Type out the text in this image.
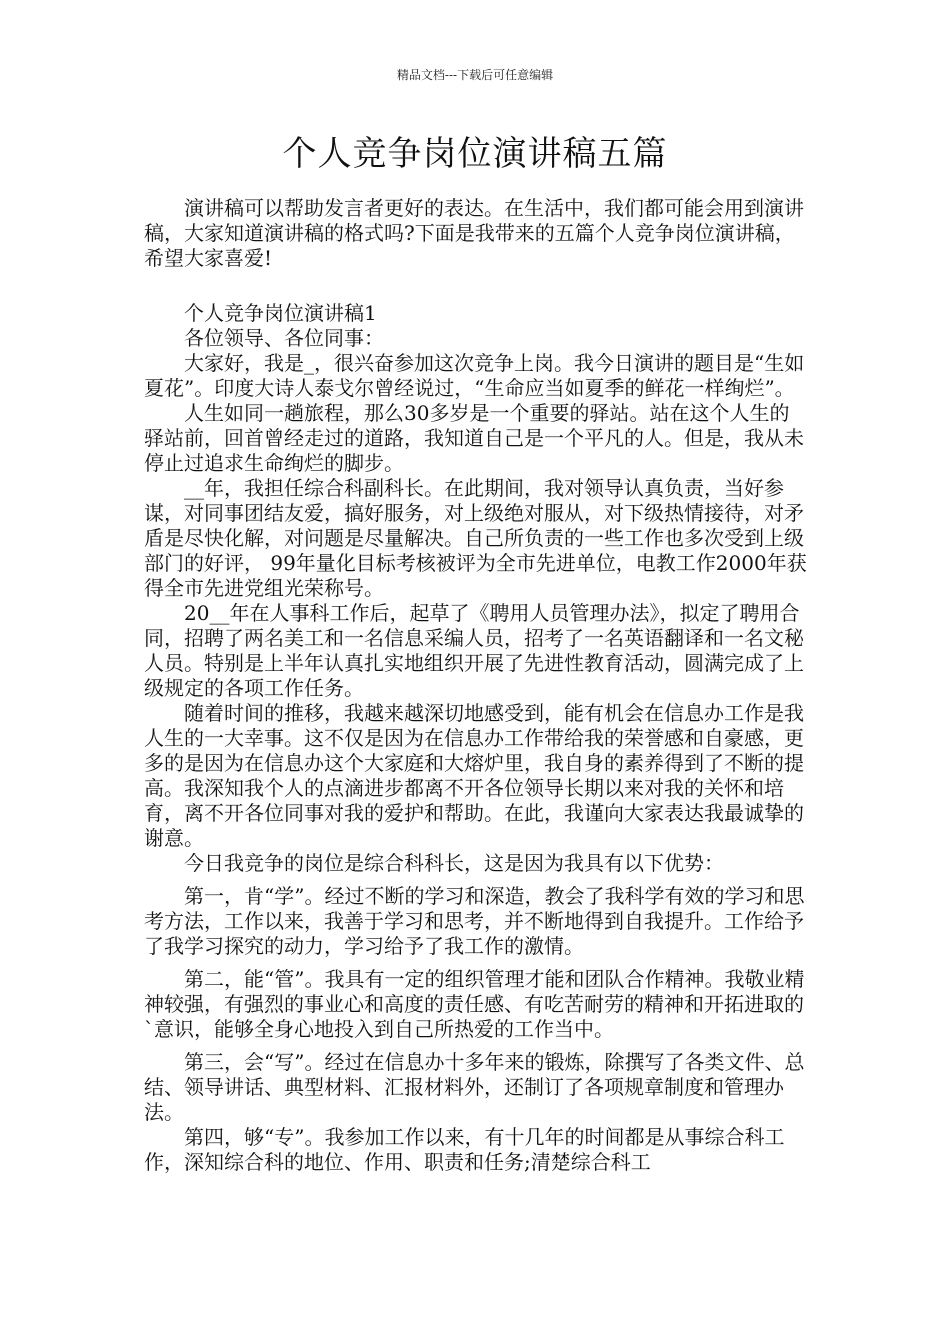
精品文档---下载后可任意编辑
个人竞争岗位演讲稿五篇

演讲稿可以帮助发言者更好的表达。在生活中，我们都可能会用到演讲稿，大家知道演讲稿的格式吗?下面是我带来的五篇个人竞争岗位演讲稿，希望大家喜爱!

个人竞争岗位演讲稿1

各位领导、各位同事：

大家好，我是_，很兴奋参加这次竞争上岗。我今日演讲的题目是“生如夏花”。印度大诗人泰戈尔曾经说过，“生命应当如夏季的鲜花一样绚烂”。

人生如同一趟旅程，那么30多岁是一个重要的驿站。站在这个人生的驿站前，回首曾经走过的道路，我知道自己是一个平凡的人。但是，我从未停止过追求生命绚烂的脚步。

__年，我担任综合科副科长。在此期间，我对领导认真负责，当好参谋，对同事团结友爱，搞好服务，对上级绝对服从，对下级热情接待，对矛盾是尽快化解，对问题是尽量解决。自己所负责的一些工作也多次受到上级部门的好评， 99年量化目标考核被评为全市先进单位，电教工作2000年获得全市先进党组光荣称号。

20__年在人事科工作后，起草了《聘用人员管理办法》，拟定了聘用合同，招聘了两名美工和一名信息采编人员，招考了一名英语翻译和一名文秘人员。特别是上半年认真扎实地组织开展了先进性教育活动，圆满完成了上级规定的各项工作任务。

随着时间的推移，我越来越深切地感受到，能有机会在信息办工作是我人生的一大幸事。这不仅是因为在信息办工作带给我的荣誉感和自豪感，更多的是因为在信息办这个大家庭和大熔炉里，我自身的素养得到了不断的提高。我深知我个人的点滴进步都离不开各位领导长期以来对我的关怀和培育，离不开各位同事对我的爱护和帮助。在此，我谨向大家表达我最诚挚的谢意。

今日我竞争的岗位是综合科科长，这是因为我具有以下优势：

第一，肯“学”。经过不断的学习和深造，教会了我科学有效的学习和思考方法，工作以来，我善于学习和思考，并不断地得到自我提升。工作给予了我学习探究的动力，学习给予了我工作的激情。

第二，能“管”。我具有一定的组织管理才能和团队合作精神。我敬业精神较强，有强烈的事业心和高度的责任感、有吃苦耐劳的精神和开拓进取的`意识，能够全身心地投入到自己所热爱的工作当中。

第三，会“写”。经过在信息办十多年来的锻炼，除撰写了各类文件、总结、领导讲话、典型材料、汇报材料外，还制订了各项规章制度和管理办法。

第四，够“专”。我参加工作以来，有十几年的时间都是从事综合科工作，深知综合科的地位、作用、职责和任务;清楚综合科工
